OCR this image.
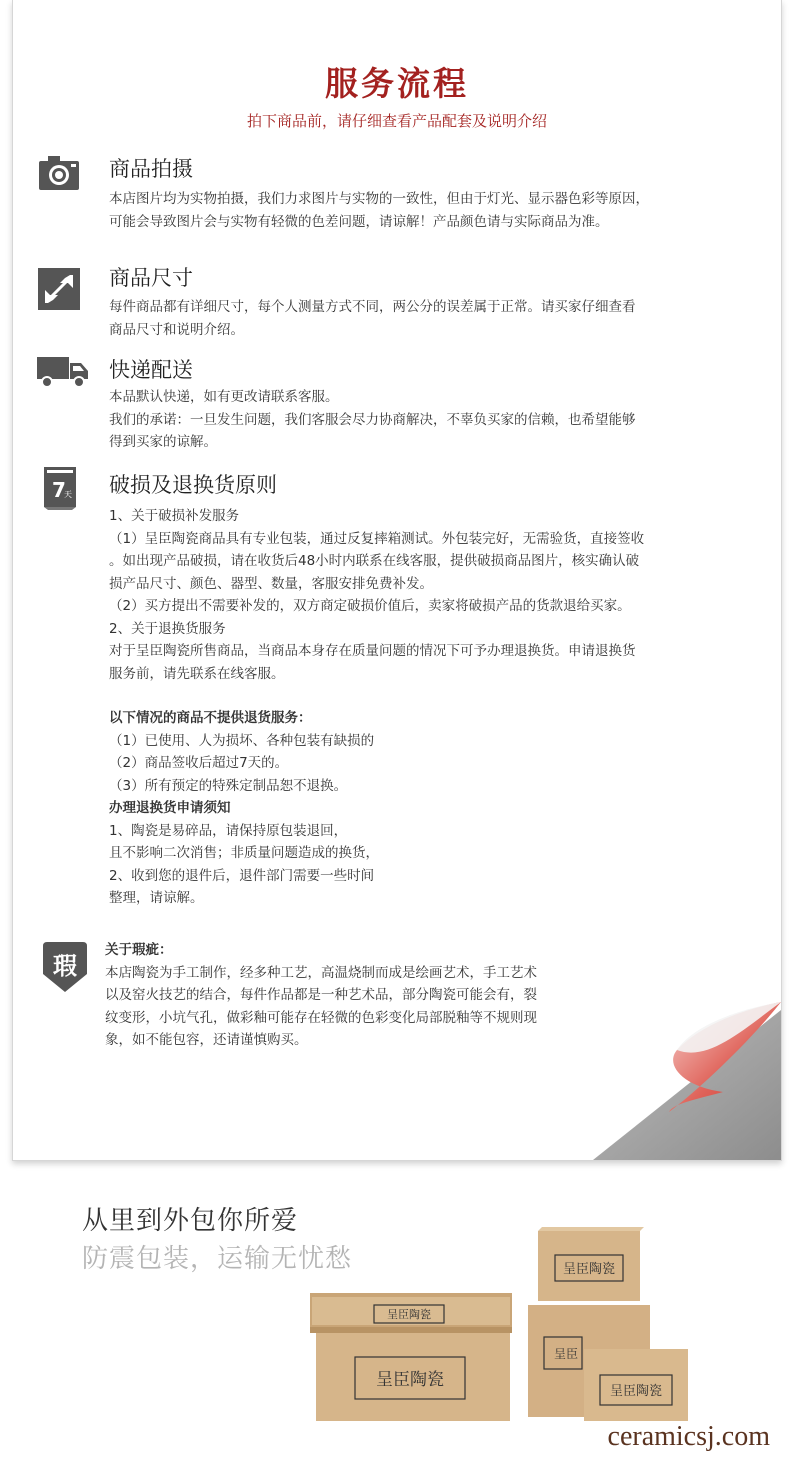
服务流程
拍下商品前，请仔细查看产品配套及说明介绍
商品拍摄
本店图片均为实物拍摄，我们力求图片与实物的一致性，但由于灯光、显示器色彩等原因，
可能会导致图片会与实物有轻微的色差问题，请谅解！产品颜色请与实际商品为准。
商品尺寸
每件商品都有详细尺寸，每个人测量方式不同，两公分的误差属于正常。请买家仔细查看
商品尺寸和说明介绍。
快递配送
本品默认快递，如有更改请联系客服。
我们的承诺：一旦发生问题，我们客服会尽力协商解决，不辜负买家的信赖，也希望能够
得到买家的谅解。
7
天 破损及退换货原则
1、关于破损补发服务
（1）呈臣陶瓷商品具有专业包装，通过反复摔箱测试。外包装完好，无需验货，直接签收
。如出现产品破损，请在收货后48小时内联系在线客服，提供破损商品图片，核实确认破
损产品尺寸、颜色、器型、数量，客服安排免费补发。
（2）买方提出不需要补发的，双方商定破损价值后，卖家将破损产品的货款退给买家。
2、关于退换货服务
对于呈臣陶瓷所售商品，当商品本身存在质量问题的情况下可予办理退换货。申请退换货
服务前，请先联系在线客服。
以下情况的商品不提供退货服务：
（1）已使用、人为损坏、各种包装有缺损的
（2）商品签收后超过7天的。
（3）所有预定的特殊定制品恕不退换。
办理退换货申请须知
1、陶瓷是易碎品，请保持原包装退回，
且不影响二次消售；非质量问题造成的换货，
2、收到您的退件后，退件部门需要一些时间
整理，请谅解。
瑕
关于瑕疵：
本店陶瓷为手工制作，经多种工艺，高温烧制而成是绘画艺术，手工艺术
以及窑火技艺的结合，每件作品都是一种艺术品，部分陶瓷可能会有，裂
纹变形，小坑气孔，做彩釉可能存在轻微的色彩变化局部脱釉等不规则现
象，如不能包容，还请谨慎购买。
从里到外包你所爱
防震包装，运输无忧愁
呈臣陶瓷
呈臣陶瓷
呈臣陶瓷
呈臣
呈臣陶瓷
ceramicsj.com
